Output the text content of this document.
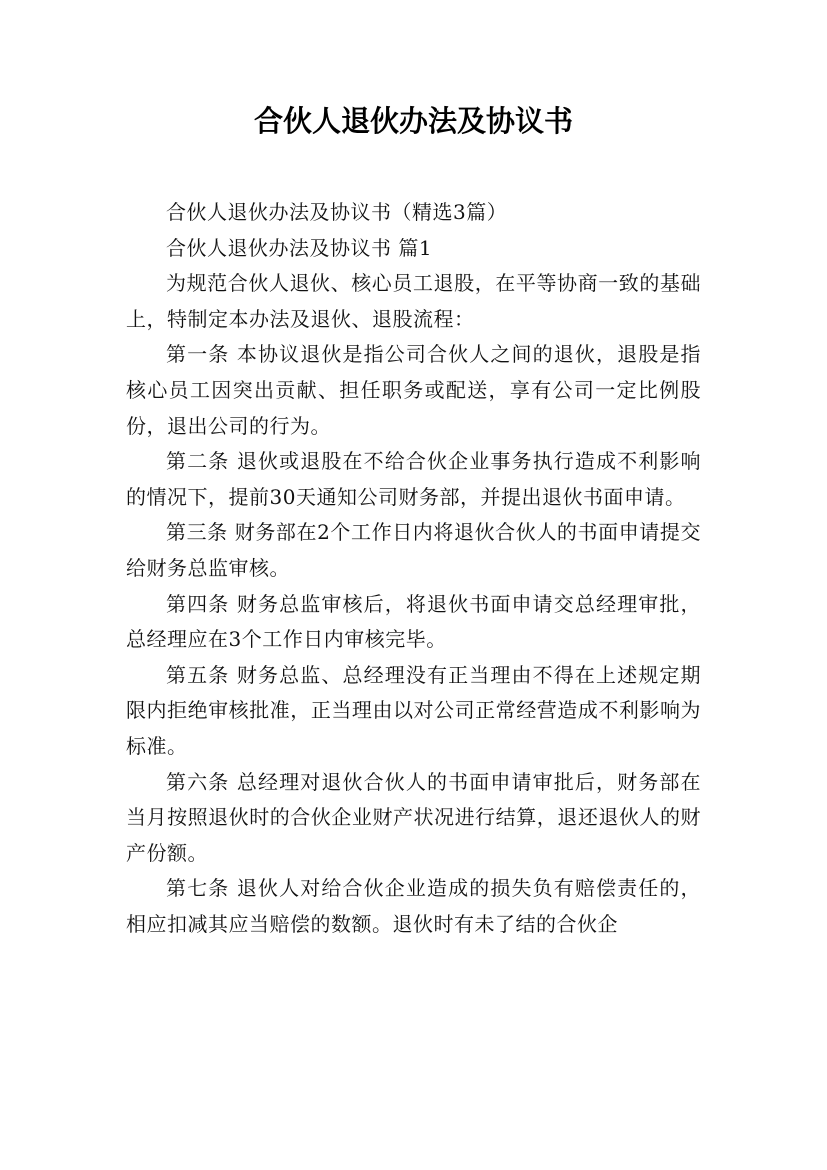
合伙人退伙办法及协议书

合伙人退伙办法及协议书（精选3篇）

合伙人退伙办法及协议书 篇1

为规范合伙人退伙、核心员工退股，在平等协商一致的基础上，特制定本办法及退伙、退股流程：

第一条 本协议退伙是指公司合伙人之间的退伙，退股是指核心员工因突出贡献、担任职务或配送，享有公司一定比例股份，退出公司的行为。

第二条 退伙或退股在不给合伙企业事务执行造成不利影响的情况下，提前30天通知公司财务部，并提出退伙书面申请。

第三条 财务部在2个工作日内将退伙合伙人的书面申请提交给财务总监审核。

第四条 财务总监审核后，将退伙书面申请交总经理审批，总经理应在3个工作日内审核完毕。

第五条 财务总监、总经理没有正当理由不得在上述规定期限内拒绝审核批准，正当理由以对公司正常经营造成不利影响为标准。

第六条 总经理对退伙合伙人的书面申请审批后，财务部在当月按照退伙时的合伙企业财产状况进行结算，退还退伙人的财产份额。

第七条 退伙人对给合伙企业造成的损失负有赔偿责任的，相应扣减其应当赔偿的数额。退伙时有未了结的合伙企
